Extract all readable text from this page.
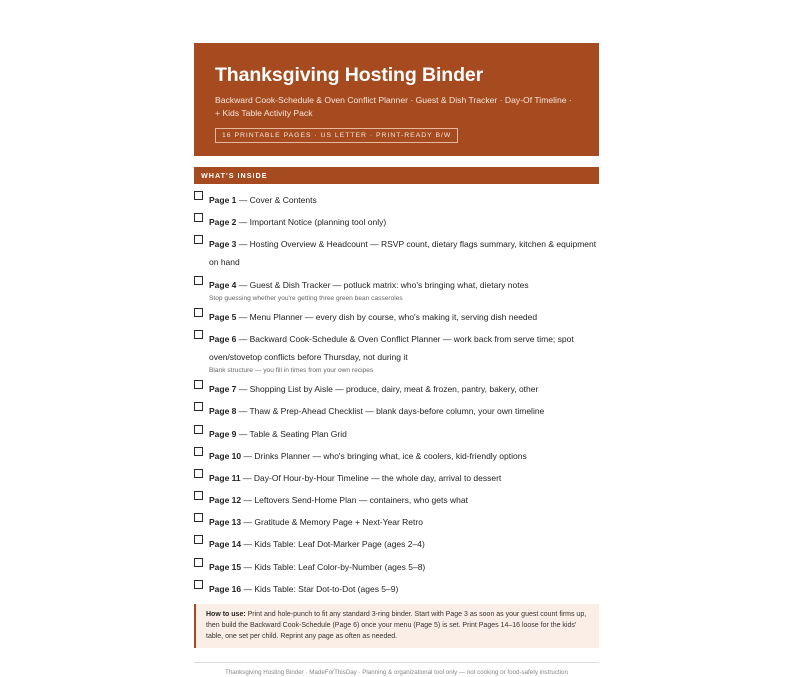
Thanksgiving Hosting Binder
Backward Cook-Schedule & Oven Conflict Planner · Guest & Dish Tracker · Day-Of Timeline · + Kids Table Activity Pack
16 PRINTABLE PAGES · US LETTER · PRINT-READY B/W
WHAT'S INSIDE
Page 1 — Cover & Contents
Page 2 — Important Notice (planning tool only)
Page 3 — Hosting Overview & Headcount — RSVP count, dietary flags summary, kitchen & equipment on hand
Page 4 — Guest & Dish Tracker — potluck matrix: who's bringing what, dietary notes
Stop guessing whether you're getting three green bean casseroles
Page 5 — Menu Planner — every dish by course, who's making it, serving dish needed
Page 6 — Backward Cook-Schedule & Oven Conflict Planner — work back from serve time; spot oven/stovetop conflicts before Thursday, not during it
Blank structure — you fill in times from your own recipes
Page 7 — Shopping List by Aisle — produce, dairy, meat & frozen, pantry, bakery, other
Page 8 — Thaw & Prep-Ahead Checklist — blank days-before column, your own timeline
Page 9 — Table & Seating Plan Grid
Page 10 — Drinks Planner — who's bringing what, ice & coolers, kid-friendly options
Page 11 — Day-Of Hour-by-Hour Timeline — the whole day, arrival to dessert
Page 12 — Leftovers Send-Home Plan — containers, who gets what
Page 13 — Gratitude & Memory Page + Next-Year Retro
Page 14 — Kids Table: Leaf Dot-Marker Page (ages 2–4)
Page 15 — Kids Table: Leaf Color-by-Number (ages 5–8)
Page 16 — Kids Table: Star Dot-to-Dot (ages 5–9)
How to use: Print and hole-punch to fit any standard 3-ring binder. Start with Page 3 as soon as your guest count firms up, then build the Backward Cook-Schedule (Page 6) once your menu (Page 5) is set. Print Pages 14–16 loose for the kids' table, one set per child. Reprint any page as often as needed.
Thanksgiving Hosting Binder · MadeForThisDay · Planning & organizational tool only — not cooking or food-safety instruction
